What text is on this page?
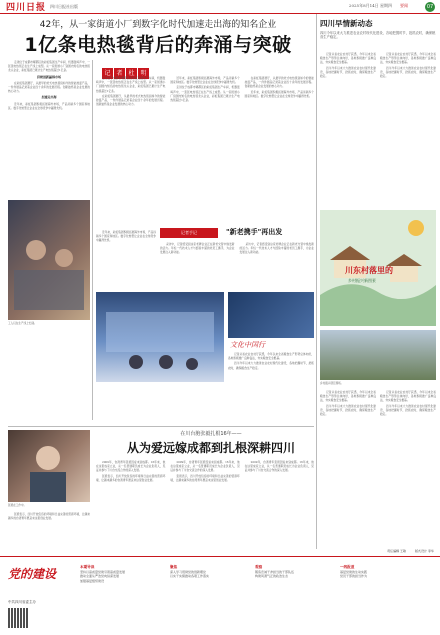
四川日报 四川日报社出版	要闻
2025年8月14日 星期四	07
42年，从一家街道小厂到数字化时代加速走出海的知名企业
1亿条电热毯背后的奔涌与突破
记 者 杜 明

走进位于成都市郫都区的彩虹集团生产车间，机器轰鸣声中，一张张电热毯正在生产线上成型。从一家街道小厂到国内知名的电热毯龙头企业，彩虹集团已累计生产电热毯超过1亿条。

持续创新赢得市场

在彩虹集团展厅，从最早的老式电热毯到如今的智能控温产品，一件件展品记录着企业四十余年的发展历程。创新始终是企业发展的核心动力。

加速走出海

近年来，彩虹集团积极拓展海外市场，产品远销多个国家和地区。数字化转型让企业在全球竞争中赢得先机。

工人们在生产线上忙碌。

走进位于成都市郫都区的彩虹集团生产车间，机器轰鸣声中，一张张电热毯正在生产线上成型。从一家街道小厂到国内知名的电热毯龙头企业，彩虹集团已累计生产电热毯超过1亿条。

在彩虹集团展厅，从最早的老式电热毯到如今的智能控温产品，一件件展品记录着企业四十余年的发展历程。创新始终是企业发展的核心动力。

近年来，彩虹集团积极拓展海外市场，产品远销多个国家和地区。数字化转型让企业在全球竞争中赢得先机。

走进位于成都市郫都区的彩虹集团生产车间，机器轰鸣声中，一张张电热毯正在生产线上成型。从一家街道小厂到国内知名的电热毯龙头企业，彩虹集团已累计生产电热毯超过1亿条。

在彩虹集团展厅，从最早的老式电热毯到如今的智能控温产品，一件件展品记录着企业四十余年的发展历程。创新始终是企业发展的核心动力。

近年来，彩虹集团积极拓展海外市场，产品远销多个国家和地区。数字化转型让企业在全球竞争中赢得先机。

记者手记	"新老携手"再出发

采访中，记者感受到这家老牌企业正在新老交替中焕发新的活力。年轻一代技术人才与经验丰富的老员工携手，为企业发展注入新动能。

采访中，记者感受到这家老牌企业正在新老交替中焕发新的活力。年轻一代技术人才与经验丰富的老员工携手，为企业发展注入新动能。

近年来，彩虹集团积极拓展海外市场，产品远销多个国家和地区。数字化转型让企业在全球竞争中赢得先机。

文化中国行

记者从省农业农村厅获悉，今年以来全省粮食生产形势总体向好，各地积极推广良种良法，夯实粮食安全根基。

四川今年以来大力推进农业农村现代化建设，各地把握时节，抢抓农时，确保粮食生产稳定。

四川早情新动态
四川今年以来大力推进农业农村现代化建设，各地把握时节，抢抓农时，确保粮食生产稳定。

记者从省农业农村厅获悉，今年以来全省粮食生产形势总体向好，各地积极推广良种良法，夯实粮食安全根基。

四川今年以来大力推进农业农村现代化建设，各地把握时节，抢抓农时，确保粮食生产稳定。

记者从省农业农村厅获悉，今年以来全省粮食生产形势总体向好，各地积极推广良种良法，夯实粮食安全根基。

四川今年以来大力推进农业农村现代化建设，各地把握时节，抢抓农时，确保粮食生产稳定。

川东村落里的
乡村振兴新图景
乡村振兴项目现场。

记者从省农业农村厅获悉，今年以来全省粮食生产形势总体向好，各地积极推广良种良法，夯实粮食安全根基。

四川今年以来大力推进农业农村现代化建设，各地把握时节，抢抓农时，确保粮食生产稳定。

记者从省农业农村厅获悉，今年以来全省粮食生产形势总体向好，各地积极推广良种良法，夯实粮食安全根基。

四川今年以来大力推进农业农村现代化建设，各地把握时节，抢抓农时，确保粮食生产稳定。

在川台胞张毅扎根16年——
从为爱远嫁成都到扎根深耕四川
张毅在工作中。

张毅表示，四川开放包容的环境和日益完善的营商环境，让越来越多的台湾青年愿意来这里创业发展。

2009年，台湾青年张毅因爱来到成都。16年来，他在这里成家立业，从一名普通职员成长为企业负责人，见证并参与了川台交流合作的深入发展。

张毅表示，四川开放包容的环境和日益完善的营商环境，让越来越多的台湾青年愿意来这里创业发展。

2009年，台湾青年张毅因爱来到成都。16年来，他在这里成家立业，从一名普通职员成长为企业负责人，见证并参与了川台交流合作的深入发展。

张毅表示，四川开放包容的环境和日益完善的营商环境，让越来越多的台湾青年愿意来这里创业发展。

2009年，台湾青年张毅因爱来到成都。16年来，他在这里成家立业，从一名普通职员成长为企业负责人，见证并参与了川台交流合作的深入发展。

责任编辑 王敏	版式设计 李华
党的建设
中共四川省委主办
本期导读
坚持以高质量党建引领高质量发展
推动全面从严治党向纵深发展
加强基层组织建设
聚焦
深入学习贯彻党的创新理论
以实干实绩推动各项工作落实
观察
锻造忠诚干净担当的干部队伍
构建风清气正的政治生态
一线报道
基层党建的生动实践
党员干部的担当作为
